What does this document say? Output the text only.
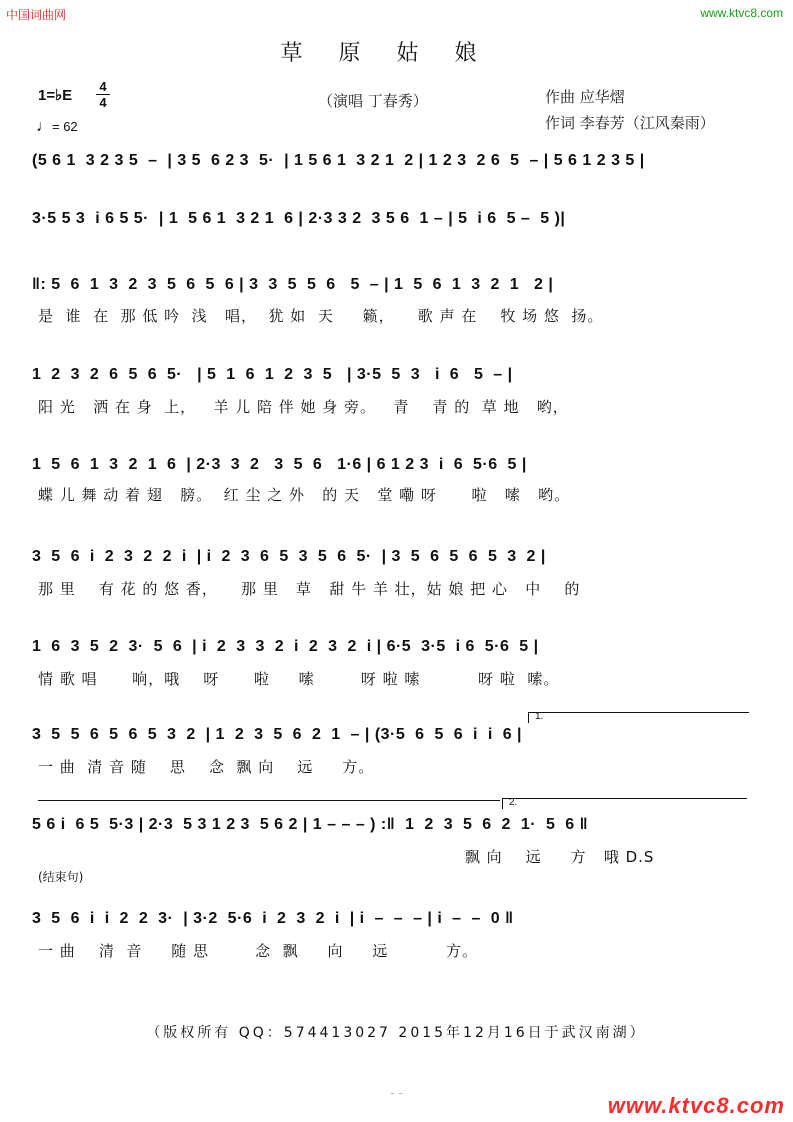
中国词曲网	www.ktvc8.com
草原姑娘
1=♭E
4
4
♩= 62
（演唱 丁春秀）	作曲 应华熠
作词 李春芳（江风秦雨）
(5 6 1  3 2 3 5  –  | 3 5  6 2 3  5·  | 1 5 6 1  3 2 1  2 | 1 2 3  2 6  5  – | 5 6 1 2 3 5 |
3·5 5 3  i 6 5 5·  | 1  5 6 1  3 2 1  6 | 2·3 3 2  3 5 6  1 – | 5  i 6  5 –  5 )|
‖: 5  6  1  3  2  3  5  6  5  6 | 3  3  5  5  6   5  – | 1  5  6  1  3  2  1   2 |
是  谁  在  那 低 吟  浅   唱，  犹 如  天     籁，    歌 声 在    牧 场 悠  扬。
1  2  3  2  6  5  6  5·   | 5  1  6  1  2  3  5   | 3·5  5  3   i  6   5  – |
阳 光   洒 在 身  上，   羊 儿 陪 伴 她 身 旁。   青    青 的  草 地   哟，
1  5  6  1  3  2  1  6  | 2·3  3  2   3  5  6   1·6 | 6 1 2 3  i  6  5·6  5 |
蝶 儿 舞 动 着 翅   膀。  红 尘 之 外   的 天   堂 嘞 呀      啦   嗦   哟。
3  5  6  i  2  3  2  2  i  | i  2  3  6  5  3  5  6  5·  | 3  5  6  5  6  5  3  2 |
那 里    有 花 的 悠 香，    那 里   草   甜 牛 羊 壮，姑 娘 把 心   中    的
1  6  3  5  2  3·  5  6  | i  2  3  3  2  i  2  3  2  i | 6·5  3·5  i 6  5·6  5 |
情 歌 唱      响，哦    呀      啦     嗦        呀 啦 嗦          呀 啦  嗦。
1.
3  5  5  6  5  6  5  3  2  | 1  2  3  5  6  2  1  – | (3·5  6  5  6  i  i  6 |
一 曲  清 音 随    思    念  飘 向    远     方。
2.
5 6 i  6 5  5·3 | 2·3  5 3 1 2 3  5 6 2 | 1 – – – ) :‖  1  2  3  5  6  2  1·  5  6 ‖
飘 向    远     方   哦 D.S
(结束句)
3  5  6  i  i  2  2  3·  | 3·2  5·6  i  2  3  2  i  | i  –  –  – | i  –  –  0 ‖
一 曲    清  音     随 思        念  飘     向     远          方。
（版权所有 QQ：574413027 2015年12月16日于武汉南湖）
– –	www.ktvc8.com
